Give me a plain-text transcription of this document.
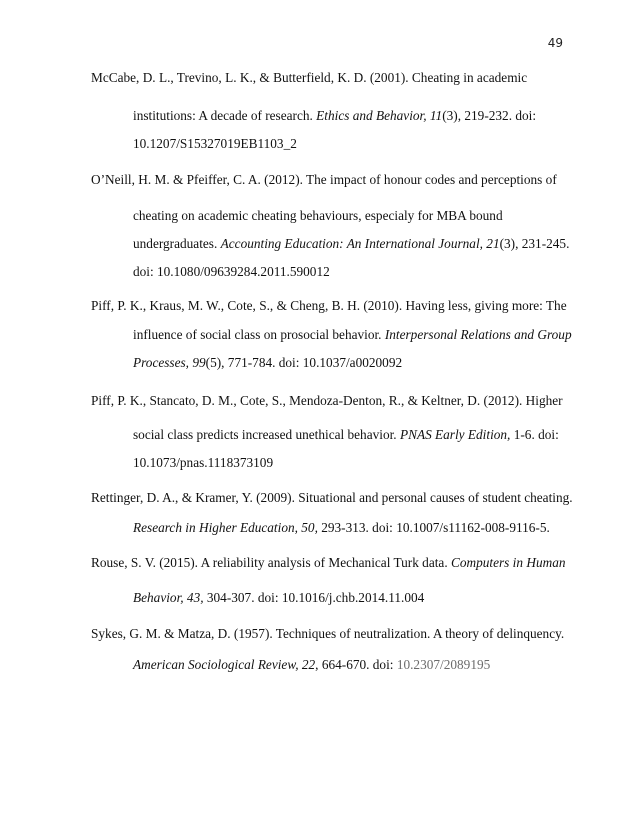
49
McCabe, D. L., Trevino, L. K., & Butterfield, K. D. (2001). Cheating in academic
institutions: A decade of research. Ethics and Behavior, 11(3), 219-232. doi:
10.1207/S15327019EB1103_2
O’Neill, H. M. & Pfeiffer, C. A. (2012). The impact of honour codes and perceptions of
cheating on academic cheating behaviours, especialy for MBA bound
undergraduates. Accounting Education: An International Journal, 21(3), 231-245.
doi: 10.1080/09639284.2011.590012
Piff, P. K., Kraus, M. W., Cote, S., & Cheng, B. H. (2010). Having less, giving more: The
influence of social class on prosocial behavior. Interpersonal Relations and Group
Processes, 99(5), 771-784. doi: 10.1037/a0020092
Piff, P. K., Stancato, D. M., Cote, S., Mendoza-Denton, R., & Keltner, D. (2012). Higher
social class predicts increased unethical behavior. PNAS Early Edition, 1-6. doi:
10.1073/pnas.1118373109
Rettinger, D. A., & Kramer, Y. (2009). Situational and personal causes of student cheating.
Research in Higher Education, 50, 293-313. doi: 10.1007/s11162-008-9116-5.
Rouse, S. V. (2015). A reliability analysis of Mechanical Turk data. Computers in Human
Behavior, 43, 304-307. doi: 10.1016/j.chb.2014.11.004
Sykes, G. M. & Matza, D. (1957). Techniques of neutralization. A theory of delinquency.
American Sociological Review, 22, 664-670. doi: 10.2307/2089195
